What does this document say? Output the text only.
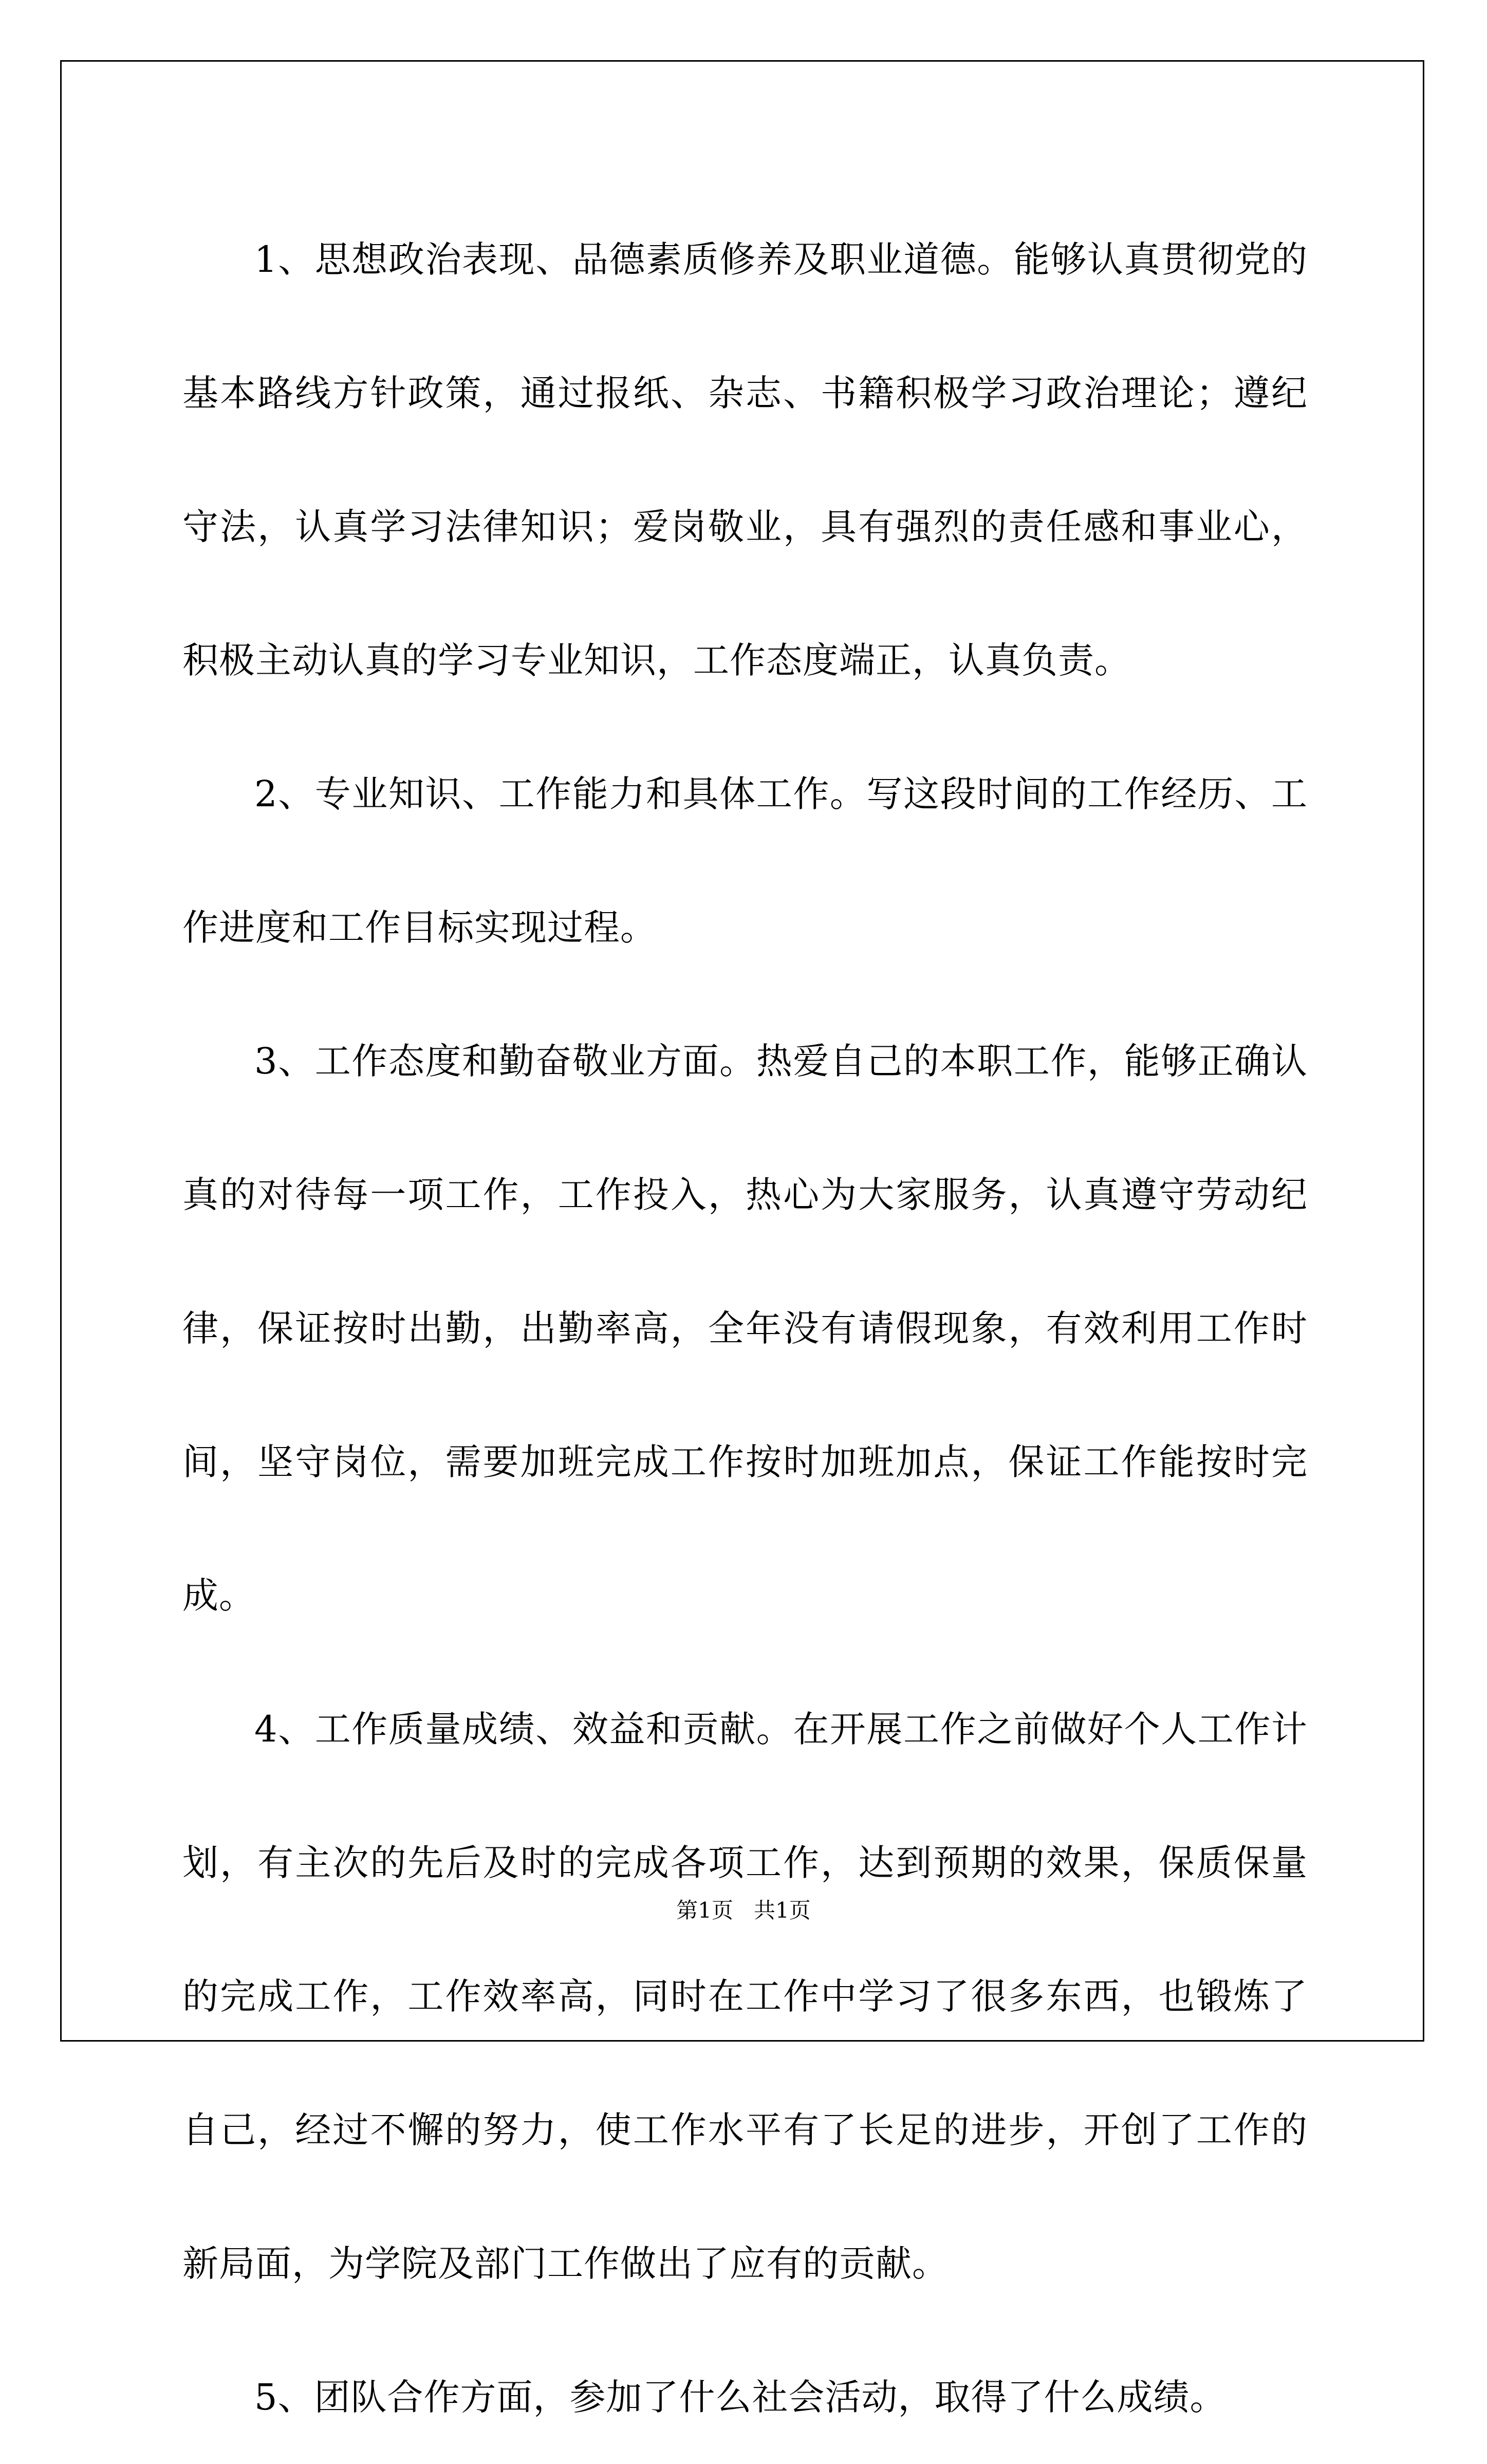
1、思想政治表现、品德素质修养及职业道德。能够认真贯彻党的基本路线方针政策，通过报纸、杂志、书籍积极学习政治理论；遵纪守法，认真学习法律知识；爱岗敬业，具有强烈的责任感和事业心，积极主动认真的学习专业知识，工作态度端正，认真负责。

2、专业知识、工作能力和具体工作。写这段时间的工作经历、工作进度和工作目标实现过程。

3、工作态度和勤奋敬业方面。热爱自己的本职工作，能够正确认真的对待每一项工作，工作投入，热心为大家服务，认真遵守劳动纪律，保证按时出勤，出勤率高，全年没有请假现象，有效利用工作时间，坚守岗位，需要加班完成工作按时加班加点，保证工作能按时完成。

4、工作质量成绩、效益和贡献。在开展工作之前做好个人工作计划，有主次的先后及时的完成各项工作，达到预期的效果，保质保量的完成工作，工作效率高，同时在工作中学习了很多东西，也锻炼了自己，经过不懈的努力，使工作水平有了长足的进步，开创了工作的新局面，为学院及部门工作做出了应有的贡献。

5、团队合作方面，参加了什么社会活动，取得了什么成绩。

第1页   共1页
